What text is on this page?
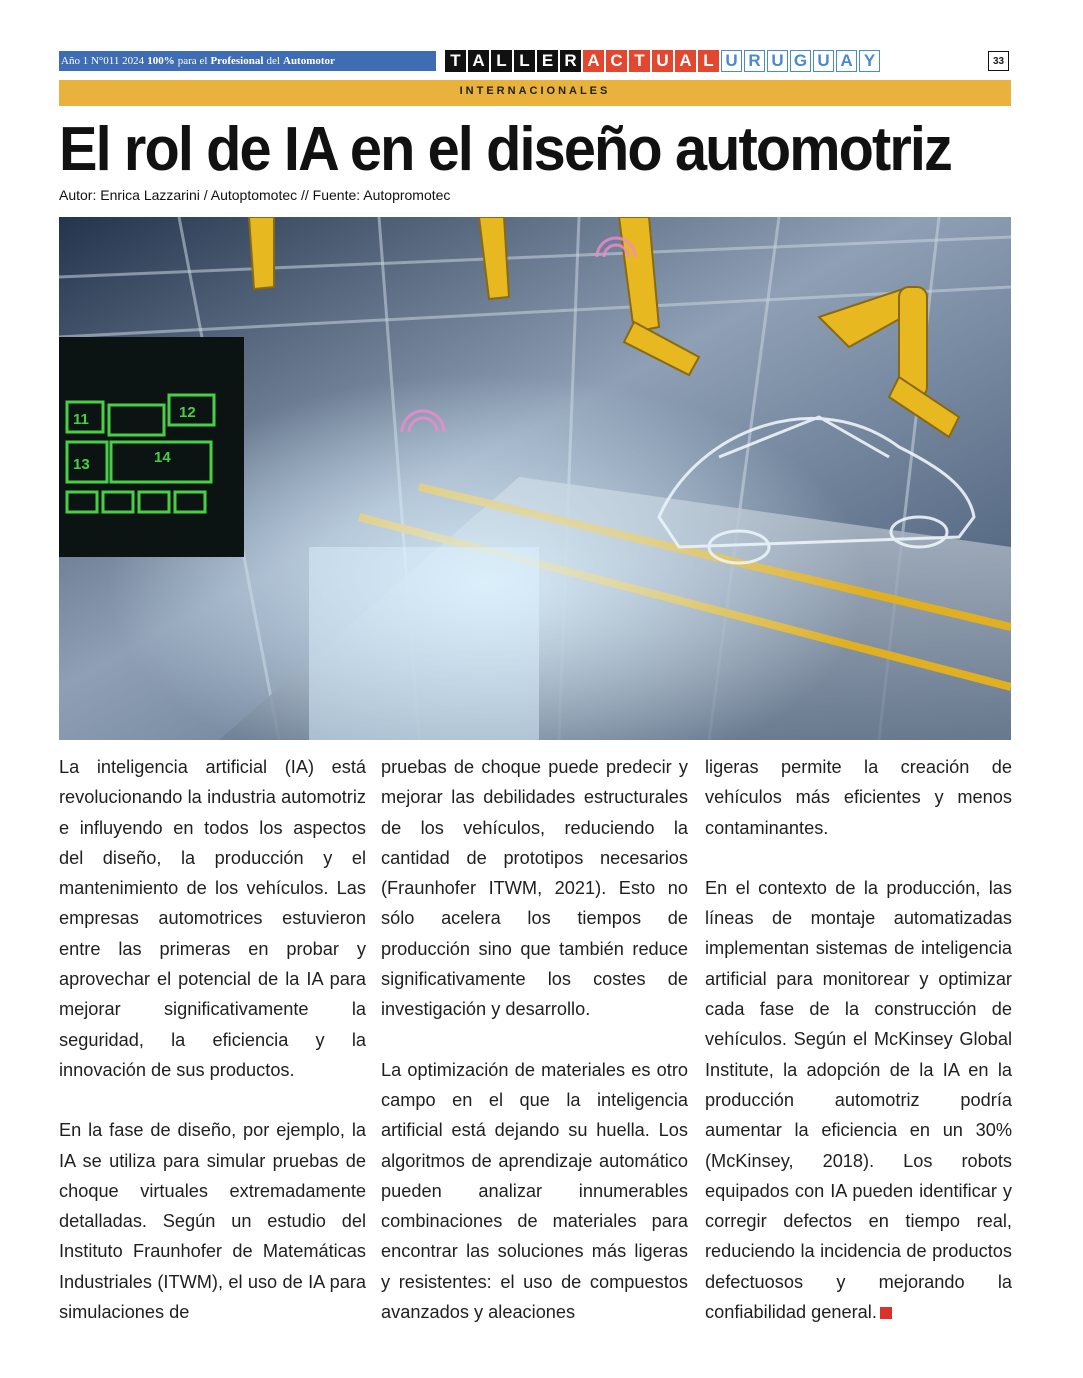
Año 1 N°011 2024 100% para el Profesional del Automotor	T A L L E R A C T U A L U R U G U A Y	33
INTERNACIONALES
El rol de IA en el diseño automotriz
Autor: Enrica Lazzarini / Autoptomotec // Fuente: Autopromotec
11	12
13	14

La inteligencia artificial (IA) está revolucionando la industria automotriz e influyendo en todos los aspectos del diseño, la producción y el mantenimiento de los vehículos. Las empresas automotrices estuvieron entre las primeras en probar y aprovechar el potencial de la IA para mejorar significativamente la seguridad, la eficiencia y la innovación de sus productos.

En la fase de diseño, por ejemplo, la IA se utiliza para simular pruebas de choque virtuales extremadamente detalladas. Según un estudio del Instituto Fraunhofer de Matemáticas Industriales (ITWM), el uso de IA para simulaciones de

pruebas de choque puede predecir y mejorar las debilidades estructurales de los vehículos, reduciendo la cantidad de prototipos necesarios (Fraunhofer ITWM, 2021). Esto no sólo acelera los tiempos de producción sino que también reduce significativamente los costes de investigación y desarrollo.

La optimización de materiales es otro campo en el que la inteligencia artificial está dejando su huella. Los algoritmos de aprendizaje automático pueden analizar innumerables combinaciones de materiales para encontrar las soluciones más ligeras y resistentes: el uso de compuestos avanzados y aleaciones

ligeras permite la creación de vehículos más eficientes y menos contaminantes.

En el contexto de la producción, las líneas de montaje automatizadas implementan sistemas de inteligencia artificial para monitorear y optimizar cada fase de la construcción de vehículos. Según el McKinsey Global Institute, la adopción de la IA en la producción automotriz podría aumentar la eficiencia en un 30% (McKinsey, 2018). Los robots equipados con IA pueden identificar y corregir defectos en tiempo real, reduciendo la incidencia de productos defectuosos y mejorando la confiabilidad general.
